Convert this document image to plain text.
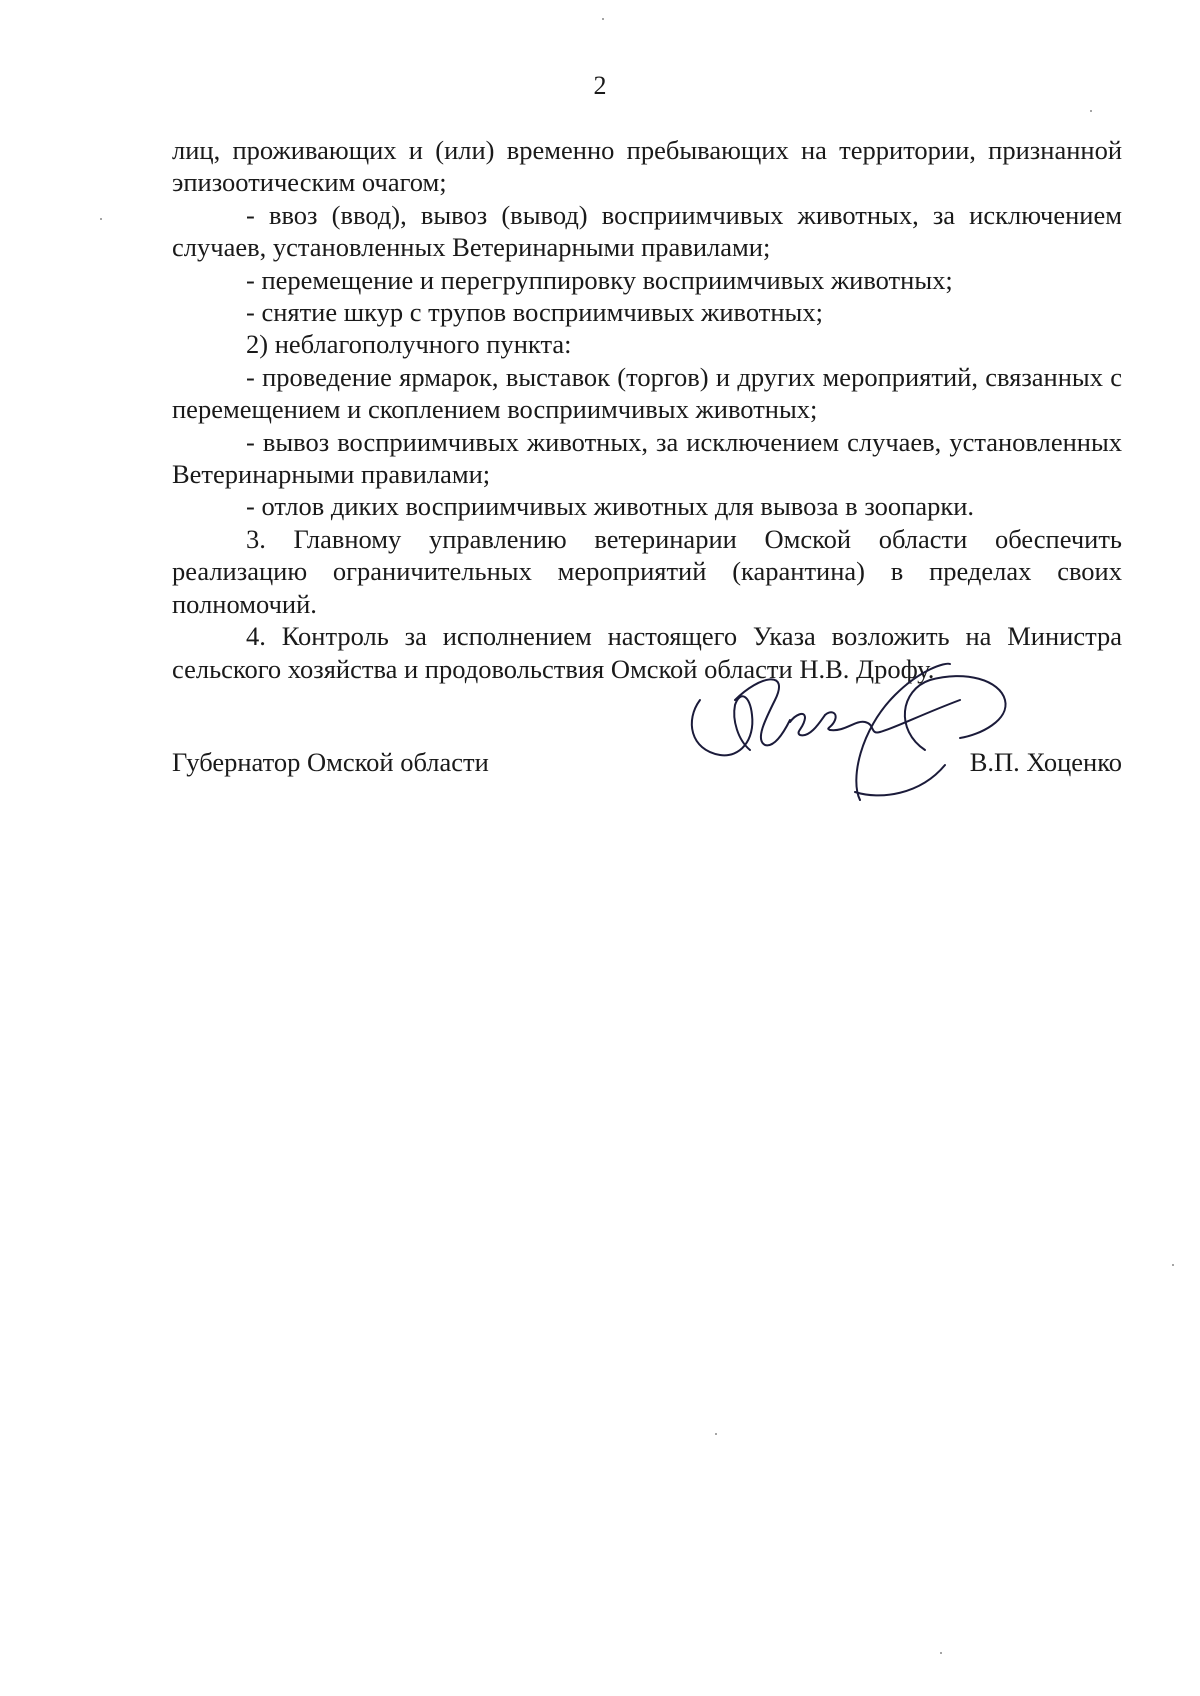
2

лиц, проживающих и (или) временно пребывающих на территории, признанной эпизоотическим очагом;

- ввоз (ввод), вывоз (вывод) восприимчивых животных, за исключением случаев, установленных Ветеринарными правилами;

- перемещение и перегруппировку восприимчивых животных;

- снятие шкур с трупов восприимчивых животных;

2) неблагополучного пункта:

- проведение ярмарок, выставок (торгов) и других мероприятий, связанных с перемещением и скоплением восприимчивых животных;

- вывоз восприимчивых животных, за исключением случаев, установленных Ветеринарными правилами;

- отлов диких восприимчивых животных для вывоза в зоопарки.

3. Главному управлению ветеринарии Омской области обеспечить реализацию ограничительных мероприятий (карантина) в пределах своих полномочий.

4. Контроль за исполнением настоящего Указа возложить на Министра сельского хозяйства и продовольствия Омской области Н.В. Дрофу.

Губернатор Омской области	В.П. Хоценко
